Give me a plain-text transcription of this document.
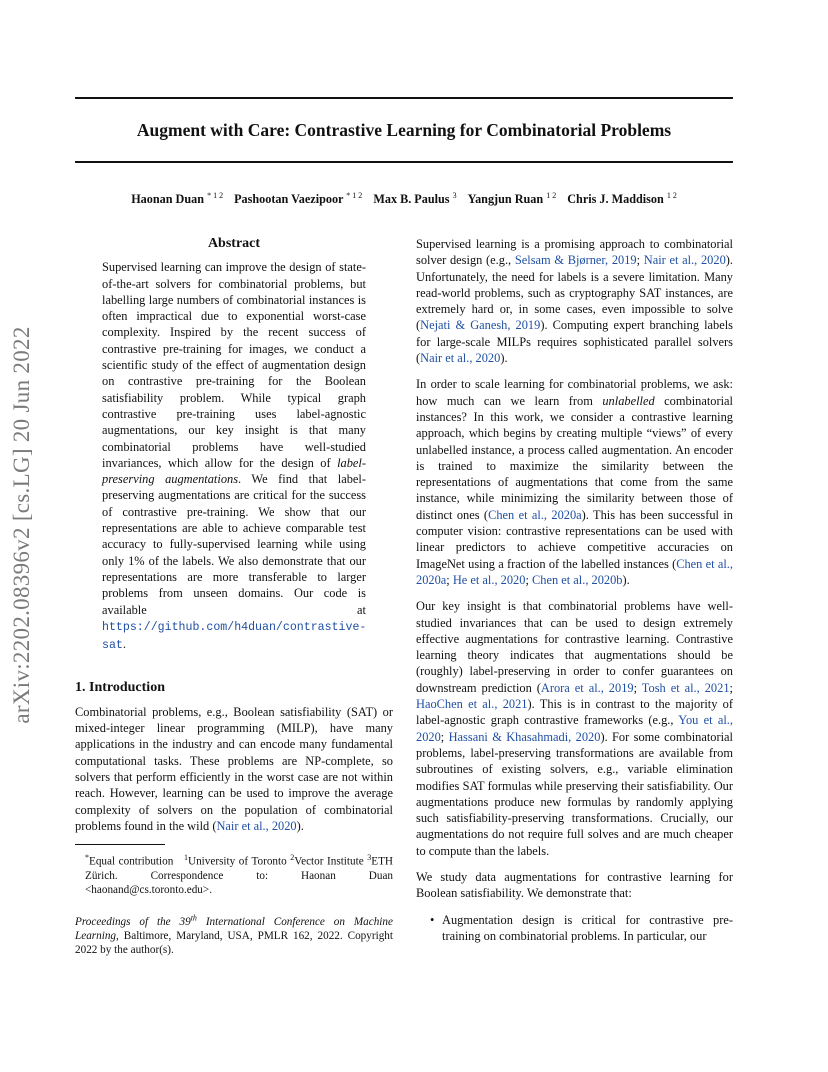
Augment with Care: Contrastive Learning for Combinatorial Problems
Haonan Duan $^{* 1 2}$ Pashootan Vaezipoor $^{* 1 2}$ Max B. Paulus $^3$ Yangjun Ruan $^{1 2}$ Chris J. Maddison $^{1 2}$
arXiv:2202.08396v2 [cs.LG] 20 Jun 2022
Abstract

Supervised learning can improve the design of state-of-the-art solvers for combinatorial problems, but labelling large numbers of combinatorial instances is often impractical due to exponential worst-case complexity. Inspired by the recent success of contrastive pre-training for images, we conduct a scientific study of the effect of augmentation design on contrastive pre-training for the Boolean satisfiability problem. While typical graph contrastive pre-training uses label-agnostic augmentations, our key insight is that many combinatorial problems have well-studied invariances, which allow for the design of label-preserving augmentations. We find that label-preserving augmentations are critical for the success of contrastive pre-training. We show that our representations are able to achieve comparable test accuracy to fully-supervised learning while using only 1% of the labels. We also demonstrate that our representations are more transferable to larger problems from unseen domains. Our code is available at https://github.com/h4duan/contrastive-sat.

1. Introduction

Combinatorial problems, e.g., Boolean satisfiability (SAT) or mixed-integer linear programming (MILP), have many applications in the industry and can encode many fundamental computational tasks. These problems are NP-complete, so solvers that perform efficiently in the worst case are not within reach. However, learning can be used to improve the average complexity of solvers on the population of combinatorial problems found in the wild (Nair et al., 2020).

*Equal contribution $^1$University of Toronto $^2$Vector Institute $^3$ETH Zürich.	Correspondence to: Haonan Duan <haonand@cs.toronto.edu>.

Proceedings of the 39th International Conference on Machine Learning, Baltimore, Maryland, USA, PMLR 162, 2022. Copyright 2022 by the author(s).

Supervised learning is a promising approach to combinatorial solver design (e.g., Selsam & Bjørner, 2019; Nair et al., 2020). Unfortunately, the need for labels is a severe limitation. Many read-world problems, such as cryptography SAT instances, are extremely hard or, in some cases, even impossible to solve (Nejati & Ganesh, 2019). Computing expert branching labels for large-scale MILPs requires sophisticated parallel solvers (Nair et al., 2020).

In order to scale learning for combinatorial problems, we ask: how much can we learn from unlabelled combinatorial instances? In this work, we consider a contrastive learning approach, which begins by creating multiple “views” of every unlabelled instance, a process called augmentation. An encoder is trained to maximize the similarity between the representations of augmentations that come from the same instance, while minimizing the similarity between those of distinct ones (Chen et al., 2020a). This has been successful in computer vision: contrastive representations can be used with linear predictors to achieve competitive accuracies on ImageNet using a fraction of the labelled instances (Chen et al., 2020a; He et al., 2020; Chen et al., 2020b).

Our key insight is that combinatorial problems have well-studied invariances that can be used to design extremely effective augmentations for contrastive learning. Contrastive learning theory indicates that augmentations should be (roughly) label-preserving in order to confer guarantees on downstream prediction (Arora et al., 2019; Tosh et al., 2021; HaoChen et al., 2021). This is in contrast to the majority of label-agnostic graph contrastive frameworks (e.g., You et al., 2020; Hassani & Khasahmadi, 2020). For some combinatorial problems, label-preserving transformations are available from subroutines of existing solvers, e.g., variable elimination modifies SAT formulas while preserving their satisfiability. Our augmentations produce new formulas by randomly applying such satisfiability-preserving transformations. Crucially, our augmentations do not require full solves and are much cheaper to compute than the labels.

We study data augmentations for contrastive learning for Boolean satisfiability. We demonstrate that:

• Augmentation design is critical for contrastive pre-training on combinatorial problems. In particular, our
